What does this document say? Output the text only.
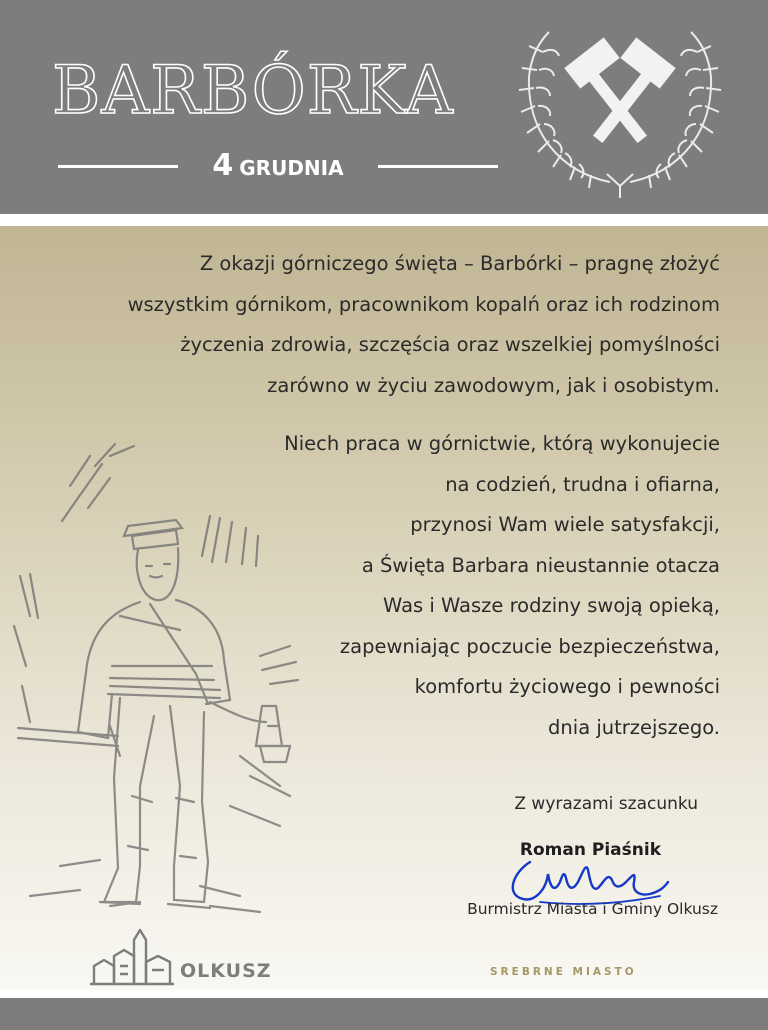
BARBÓRKA
4 GRUDNIA
Z okazji górniczego święta – Barbórki – pragnę złożyć
wszystkim górnikom, pracownikom kopalń oraz ich rodzinom
życzenia zdrowia, szczęścia oraz wszelkiej pomyślności
zarówno w życiu zawodowym, jak i osobistym.
Niech praca w górnictwie, którą wykonujecie
na codzień, trudna i ofiarna,
przynosi Wam wiele satysfakcji,
a Święta Barbara nieustannie otacza
Was i Wasze rodziny swoją opieką,
zapewniając poczucie bezpieczeństwa,
komfortu życiowego i pewności
dnia jutrzejszego.
Z wyrazami szacunku
Roman Piaśnik
Burmistrz Miasta i Gminy Olkusz
OLKUSZ	SREBRNE MIASTO
